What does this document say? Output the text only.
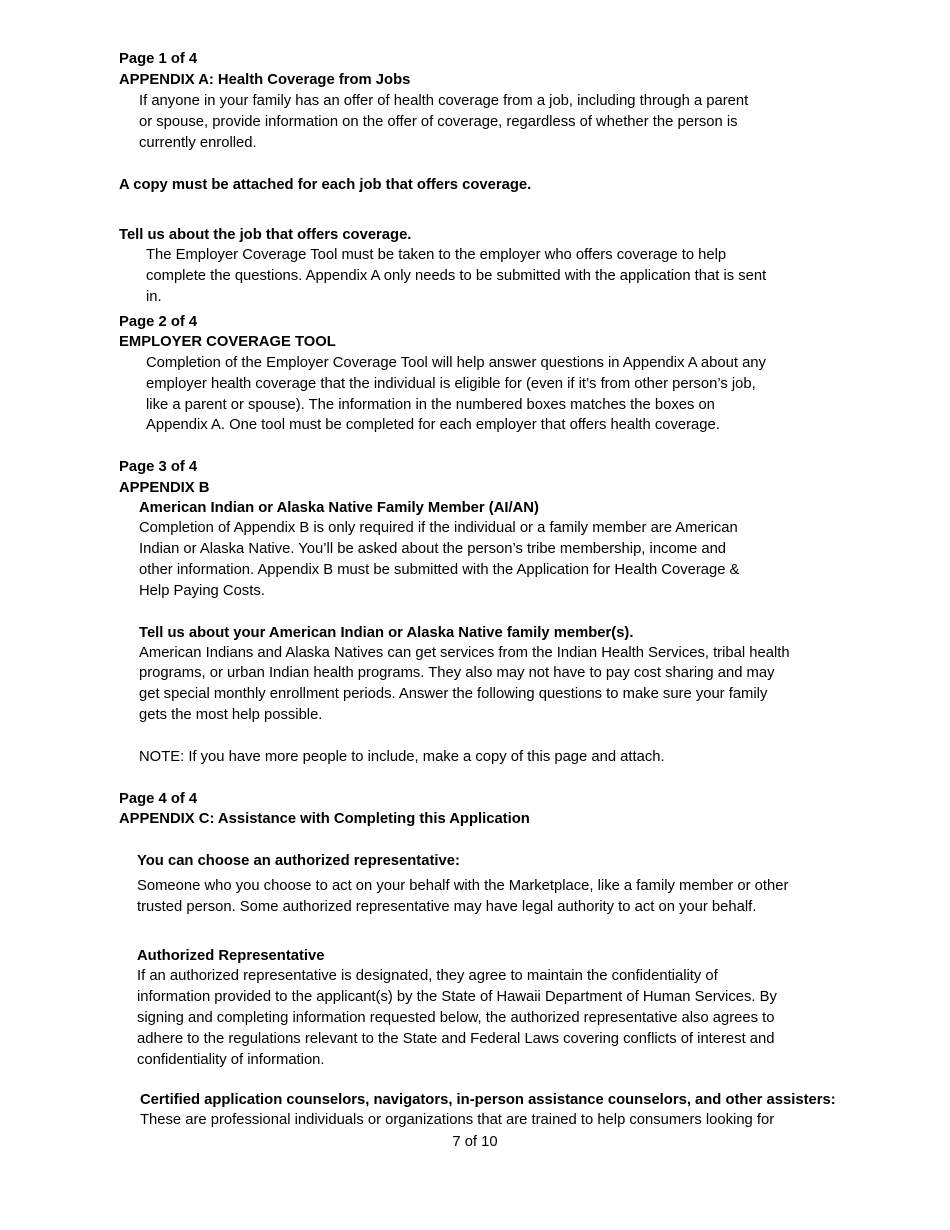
Page 1 of 4
APPENDIX A: Health Coverage from Jobs
If anyone in your family has an offer of health coverage from a job, including through a parent
or spouse, provide information on the offer of coverage, regardless of whether the person is
currently enrolled.
A copy must be attached for each job that offers coverage.
Tell us about the job that offers coverage.
The Employer Coverage Tool must be taken to the employer who offers coverage to help
complete the questions. Appendix A only needs to be submitted with the application that is sent
in.
Page 2 of 4
EMPLOYER COVERAGE TOOL
Completion of the Employer Coverage Tool will help answer questions in Appendix A about any
employer health coverage that the individual is eligible for (even if it’s from other person’s job,
like a parent or spouse). The information in the numbered boxes matches the boxes on
Appendix A. One tool must be completed for each employer that offers health coverage.
Page 3 of 4
APPENDIX B
American Indian or Alaska Native Family Member (AI/AN)
Completion of Appendix B is only required if the individual or a family member are American
Indian or Alaska Native. You’ll be asked about the person’s tribe membership, income and
other information. Appendix B must be submitted with the Application for Health Coverage &
Help Paying Costs.
Tell us about your American Indian or Alaska Native family member(s).
American Indians and Alaska Natives can get services from the Indian Health Services, tribal health
programs, or urban Indian health programs. They also may not have to pay cost sharing and may
get special monthly enrollment periods. Answer the following questions to make sure your family
gets the most help possible.
NOTE: If you have more people to include, make a copy of this page and attach.
Page 4 of 4
APPENDIX C: Assistance with Completing this Application
You can choose an authorized representative:
Someone who you choose to act on your behalf with the Marketplace, like a family member or other
trusted person. Some authorized representative may have legal authority to act on your behalf.
Authorized Representative
If an authorized representative is designated, they agree to maintain the confidentiality of
information provided to the applicant(s) by the State of Hawaii Department of Human Services. By
signing and completing information requested below, the authorized representative also agrees to
adhere to the regulations relevant to the State and Federal Laws covering conflicts of interest and
confidentiality of information.
Certified application counselors, navigators, in-person assistance counselors, and other assisters:
These are professional individuals or organizations that are trained to help consumers looking for
7 of 10
